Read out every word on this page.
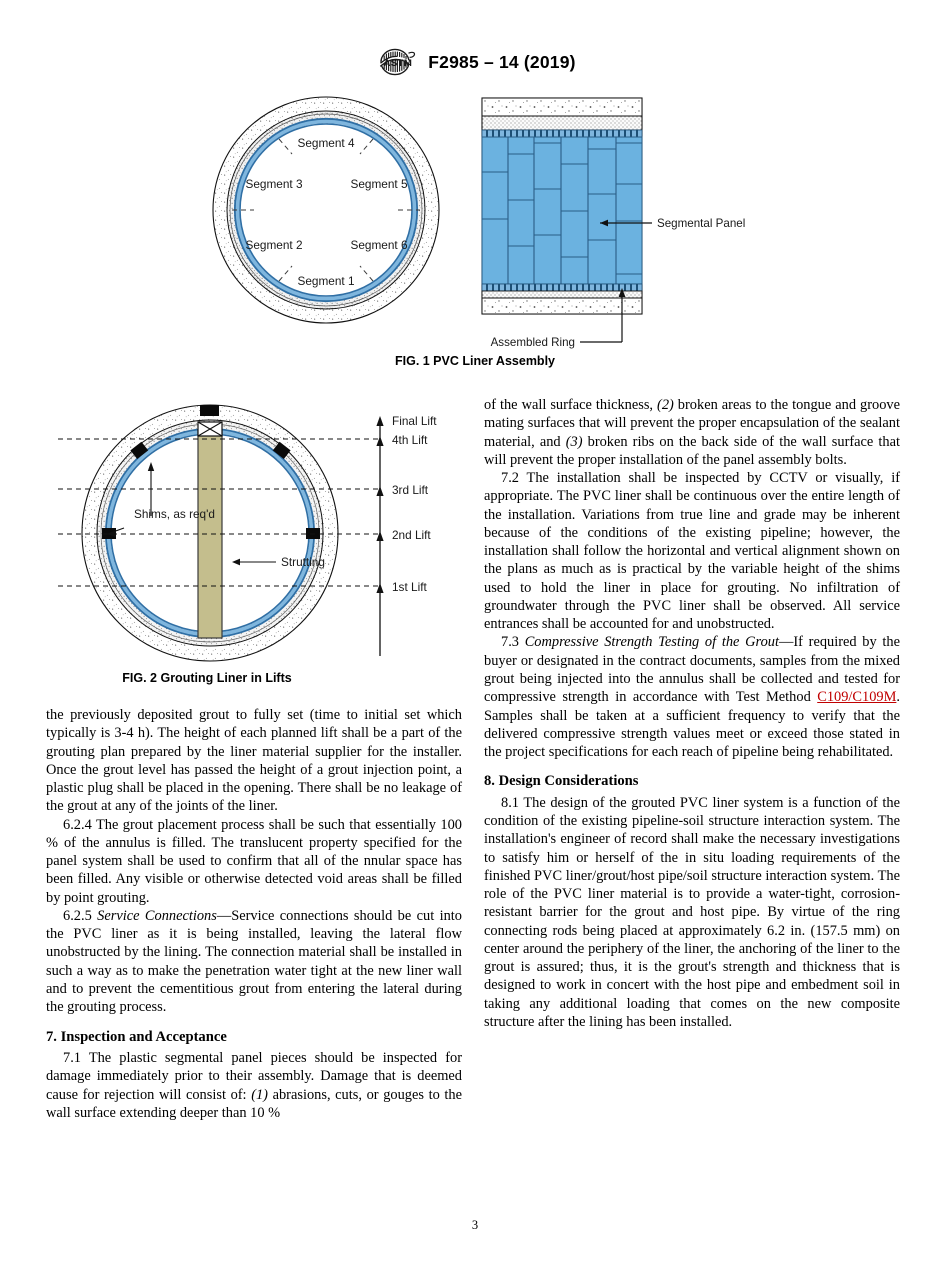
ASTM F2985 – 14 (2019)
Segment 4
Segment 3	Segment 5
Segment 2	Segment 6
Segment 1
Segmental Panel
Assembled Ring
FIG. 1 PVC Liner Assembly
Shims, as req'd
Strutting
Final Lift
4th Lift
3rd Lift
2nd Lift
1st Lift
FIG. 2 Grouting Liner in Lifts

the previously deposited grout to fully set (time to initial set which typically is 3-4 h). The height of each planned lift shall be a part of the grouting plan prepared by the liner material supplier for the installer. Once the grout level has passed the height of a grout injection point, a plastic plug shall be placed in the opening. There shall be no leakage of the grout at any of the joints of the liner.

6.2.4 The grout placement process shall be such that essentially 100 % of the annulus is filled. The translucent property specified for the panel system shall be used to confirm that all of the nnular space has been filled. Any visible or otherwise detected void areas shall be filled by point grouting.

6.2.5 Service Connections—Service connections should be cut into the PVC liner as it is being installed, leaving the lateral flow unobstructed by the lining. The connection material shall be installed in such a way as to make the penetration water tight at the new liner wall and to prevent the cementitious grout from entering the lateral during the grouting process.

7. Inspection and Acceptance

7.1 The plastic segmental panel pieces should be inspected for damage immediately prior to their assembly. Damage that is deemed cause for rejection will consist of: (1) abrasions, cuts, or gouges to the wall surface extending deeper than 10 %

of the wall surface thickness, (2) broken areas to the tongue and groove mating surfaces that will prevent the proper encapsulation of the sealant material, and (3) broken ribs on the back side of the wall surface that will prevent the proper installation of the panel assembly bolts.

7.2 The installation shall be inspected by CCTV or visually, if appropriate. The PVC liner shall be continuous over the entire length of the installation. Variations from true line and grade may be inherent because of the conditions of the existing pipeline; however, the installation shall follow the horizontal and vertical alignment shown on the plans as much as is practical by the variable height of the shims used to hold the liner in place for grouting. No infiltration of groundwater through the PVC liner shall be observed. All service entrances shall be accounted for and unobstructed.

7.3 Compressive Strength Testing of the Grout—If required by the buyer or designated in the contract documents, samples from the mixed grout being injected into the annulus shall be collected and tested for compressive strength in accordance with Test Method C109/C109M. Samples shall be taken at a sufficient frequency to verify that the delivered compressive strength values meet or exceed those stated in the project specifications for each reach of pipeline being rehabilitated.

8. Design Considerations

8.1 The design of the grouted PVC liner system is a function of the condition of the existing pipeline-soil structure interaction system. The installation's engineer of record shall make the necessary investigations to satisfy him or herself of the in situ loading requirements of the finished PVC liner/grout/host pipe/soil structure interaction system. The role of the PVC liner material is to provide a water-tight, corrosion-resistant barrier for the grout and host pipe. By virtue of the ring connecting rods being placed at approximately 6.2 in. (157.5 mm) on center around the periphery of the liner, the anchoring of the liner to the grout is assured; thus, it is the grout's strength and thickness that is designed to work in concert with the host pipe and embedment soil in taking any additional loading that comes on the new composite structure after the lining has been installed.

3
